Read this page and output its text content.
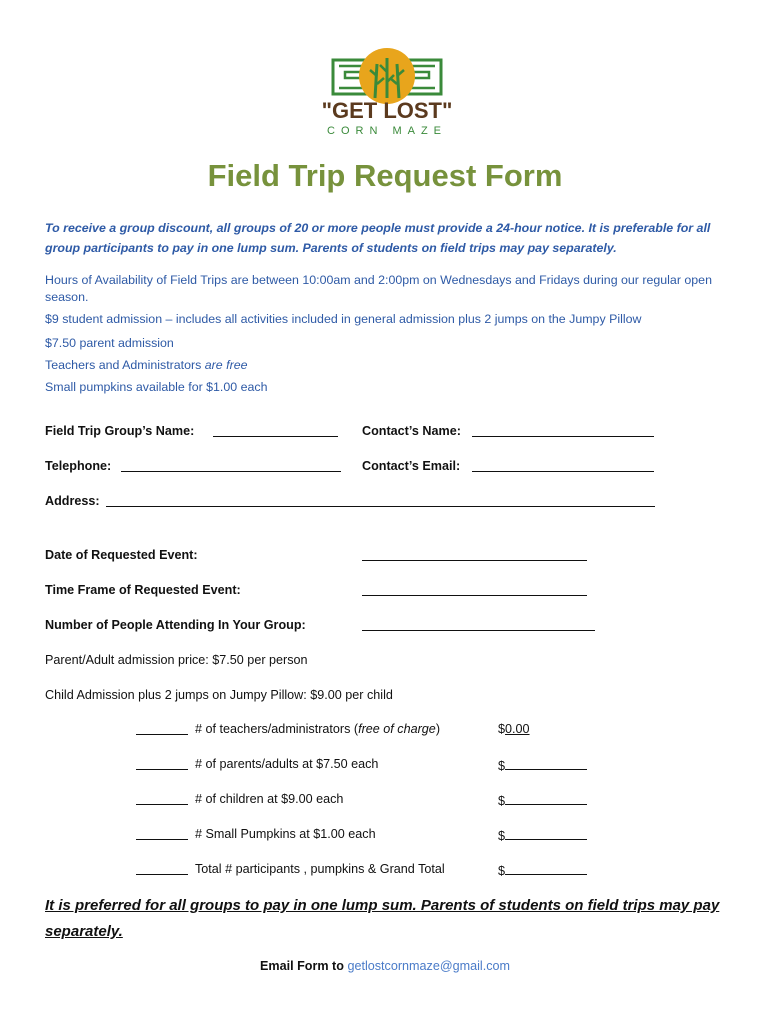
"GET LOST"
CORN MAZE
Field Trip Request Form
To receive a group discount, all groups of 20 or more people must provide a 24-hour notice. It is preferable for all group participants to pay in one lump sum. Parents of students on field trips may pay separately.
Hours of Availability of Field Trips are between 10:00am and 2:00pm on Wednesdays and Fridays during our regular open season.
$9 student admission – includes all activities included in general admission plus 2 jumps on the Jumpy Pillow
$7.50 parent admission
Teachers and Administrators are free
Small pumpkins available for $1.00 each
Field Trip Group’s Name:	Contact’s Name:
Telephone:	Contact’s Email:
Address:
Date of Requested Event:
Time Frame of Requested Event:
Number of People Attending In Your Group:
Parent/Adult admission price: $7.50 per person
Child Admission plus 2 jumps on Jumpy Pillow: $9.00 per child
# of teachers/administrators (free of charge)	$0.00
# of parents/adults at $7.50 each	$
# of children at $9.00 each	$
# Small Pumpkins at $1.00 each	$
Total # participants , pumpkins & Grand Total	$
It is preferred for all groups to pay in one lump sum. Parents of students on field trips may pay separately.
Email Form to getlostcornmaze@gmail.com
